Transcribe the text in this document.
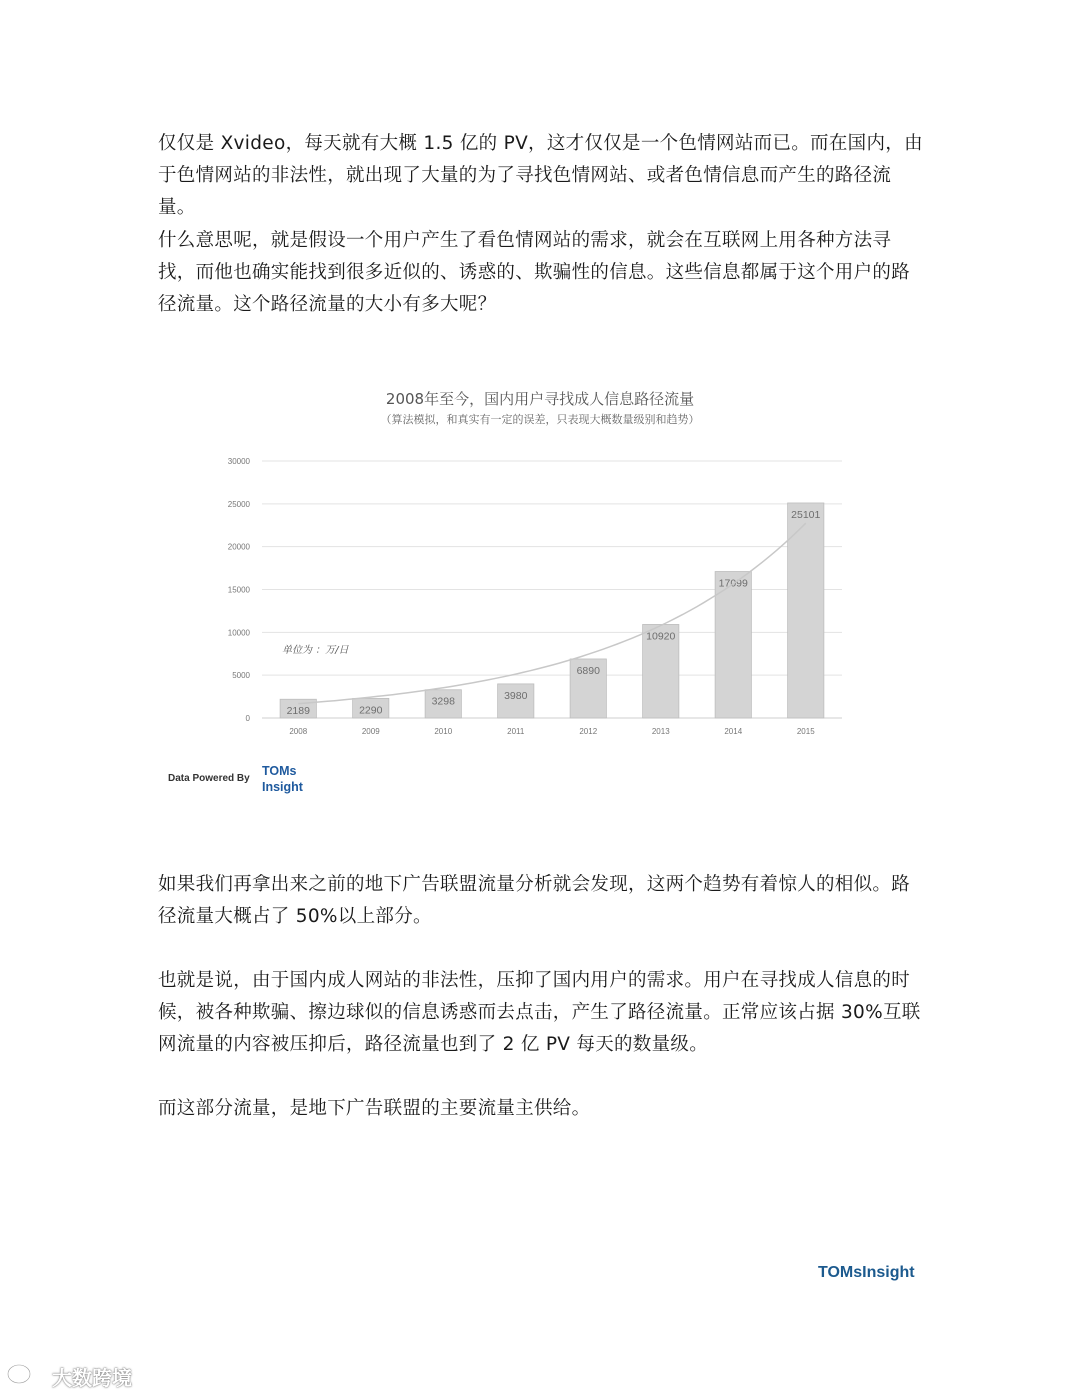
仅仅是 Xvideo，每天就有大概 1.5 亿的 PV，这才仅仅是一个色情网站而已。而在国内，由于色情网站的非法性，就出现了大量的为了寻找色情网站、或者色情信息而产生的路径流量。

什么意思呢，就是假设一个用户产生了看色情网站的需求，就会在互联网上用各种方法寻找，而他也确实能找到很多近似的、诱惑的、欺骗性的信息。这些信息都属于这个用户的路径流量。这个路径流量的大小有多大呢？

2008年至今，国内用户寻找成人信息路径流量
（算法模拟，和真实有一定的误差，只表现大概数量级别和趋势）
0
5000
10000
15000
20000
25000
30000
单位为 ：万/日
2189
2008
2290
2009
3298
2010
3980
2011
6890
2012
10920
2013
17099
2014
25101
2015
Data Powered By
TOMs
Insight

如果我们再拿出来之前的地下广告联盟流量分析就会发现，这两个趋势有着惊人的相似。路径流量大概占了 50%以上部分。

也就是说，由于国内成人网站的非法性，压抑了国内用户的需求。用户在寻找成人信息的时候，被各种欺骗、擦边球似的信息诱惑而去点击，产生了路径流量。正常应该占据 30%互联网流量的内容被压抑后，路径流量也到了 2 亿 PV 每天的数量级。

而这部分流量，是地下广告联盟的主要流量主供给。

TOMsInsight
大数跨境
